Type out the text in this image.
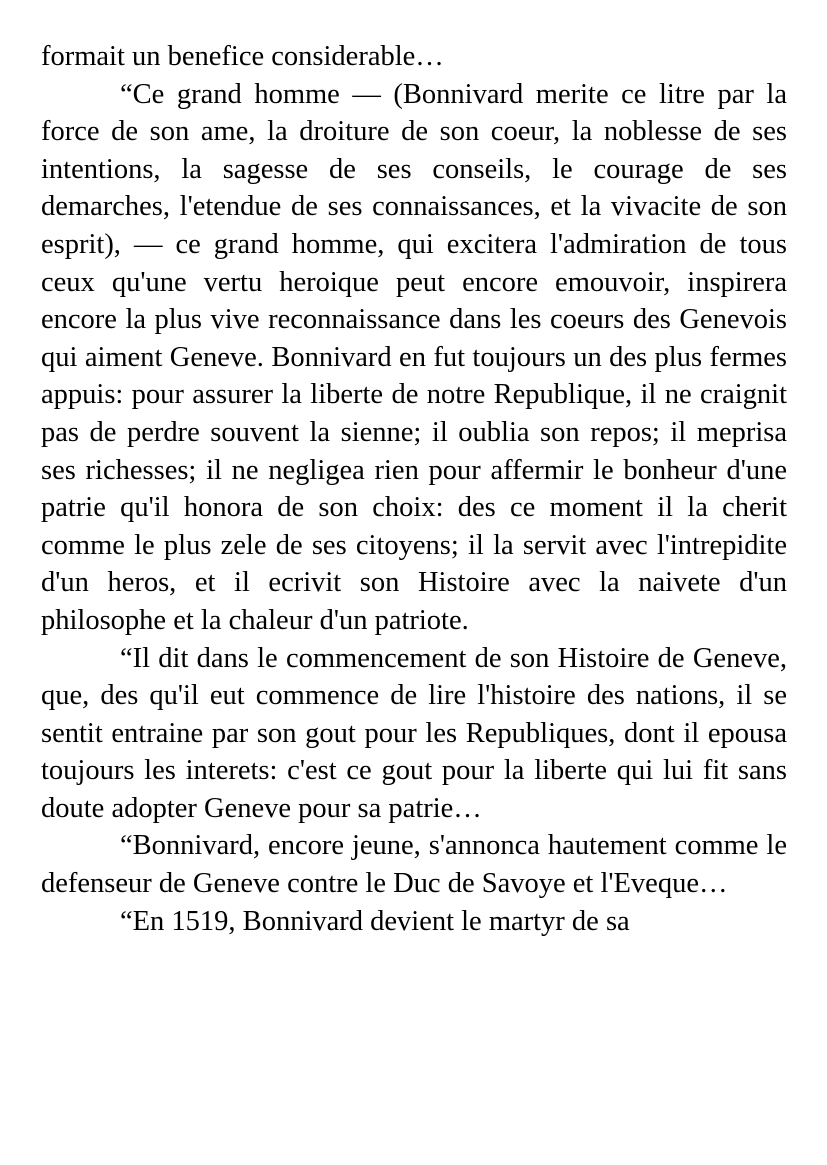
formait un benefice considerable…

“Ce grand homme — (Bonnivard merite ce litre par la force de son ame, la droiture de son coeur, la noblesse de ses intentions, la sagesse de ses conseils, le courage de ses demarches, l'etendue de ses connaissances, et la vivacite de son esprit), — ce grand homme, qui excitera l'admiration de tous ceux qu'une vertu heroique peut encore emouvoir, inspirera encore la plus vive reconnaissance dans les coeurs des Genevois qui aiment Geneve. Bonnivard en fut toujours un des plus fermes appuis: pour assurer la liberte de notre Republique, il ne craignit pas de perdre souvent la sienne; il oublia son repos; il meprisa ses richesses; il ne negligea rien pour affermir le bonheur d'une patrie qu'il honora de son choix: des ce moment il la cherit comme le plus zele de ses citoyens; il la servit avec l'intrepidite d'un heros, et il ecrivit son Histoire avec la naivete d'un philosophe et la chaleur d'un patriote.

“Il dit dans le commencement de son Histoire de Geneve, que, des qu'il eut commence de lire l'histoire des nations, il se sentit entraine par son gout pour les Republiques, dont il epousa toujours les interets: c'est ce gout pour la liberte qui lui fit sans doute adopter Geneve pour sa patrie…

“Bonnivard, encore jeune, s'annonca hautement comme le defenseur de Geneve contre le Duc de Savoye et l'Eveque…

“En 1519, Bonnivard devient le martyr de sa
